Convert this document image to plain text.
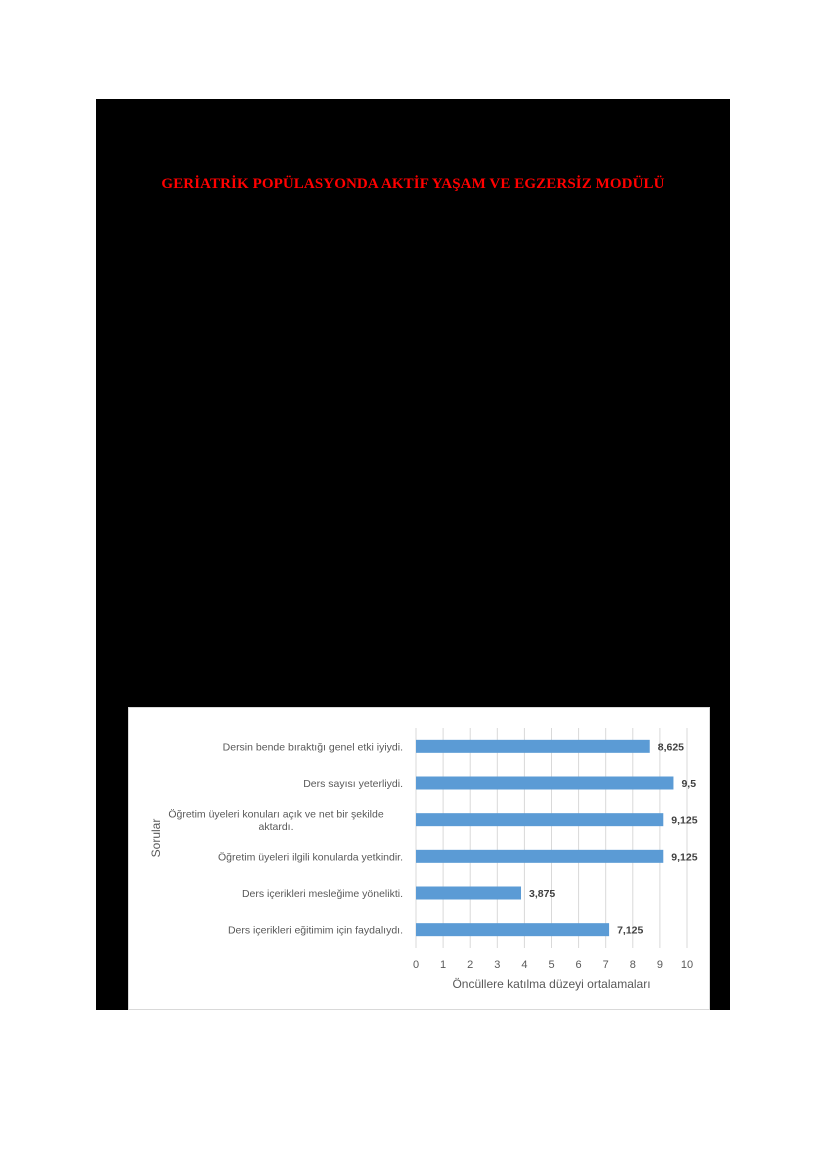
GERİATRİK POPÜLASYONDA AKTİF YAŞAM VE EGZERSİZ MODÜLÜ
0 1 2 3 4 5 6 7 8 9 10
8,625
Dersin bende bıraktığı genel etki iyiydi.
9,5
Ders sayısı yeterliydi.
9,125
Öğretim üyeleri konuları açık ve net bir şekilde aktardı.
9,125
Öğretim üyeleri ilgili konularda yetkindir.
3,875
Ders içerikleri mesleğime yönelikti.
7,125
Ders içerikleri eğitimim için faydalıydı.
Öncüllere katılma düzeyi ortalamaları
Sorular
